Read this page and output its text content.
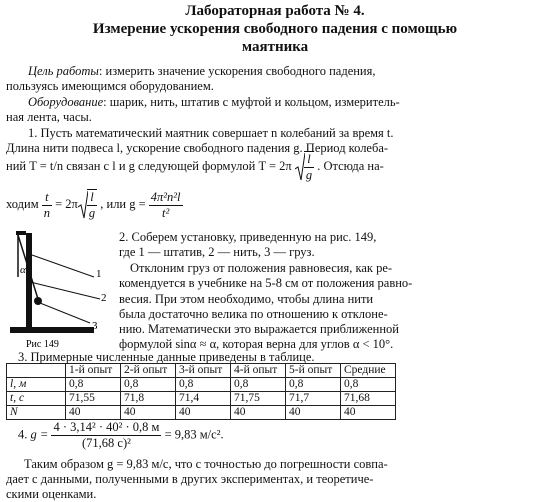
Лабораторная работа № 4.
Измерение ускорения свободного падения с помощью
маятника
Цель работы: измерить значение ускорения свободного падения,
пользуясь имеющимся оборудованием.
Оборудование: шарик, нить, штатив с муфтой и кольцом, измеритель-
ная лента, часы.
1. Пусть математический маятник совершает n колебаний за время t.
Длина нити подвеса l, ускорение свободного падения g. Период колеба-
ний T = t/n связан с l и g следующей формулой $T = 2\pi \frac{l}{g}$ . Отсюда на-
ходим $\frac{t}{n} = 2\pi \frac{l}{g}$ , или $g = \frac{\text{4π²n²l}}{\text{t²}}$
α	1
2
3
Рис 149
2. Соберем установку, приведенную на рис. 149,
где 1 — штатив, 2 — нить, 3 — груз.
Отклоним груз от положения равновесия, как ре-
комендуется в учебнике на 5-8 см от положения равно-
весия. При этом необходимо, чтобы длина нити
была достаточно велика по отношению к отклоне-
нию. Математически это выражается приближенной
формулой sinα ≈ α, которая верна для углов α < 10°.
3. Примерные численные данные приведены в таблице.
	1-й опыт	2-й опыт	3-й опыт	4-й опыт	5-й опыт	Средние
l, м	0,8	0,8	0,8	0,8	0,8	0,8
t, с	71,55	71,8	71,4	71,75	71,7	71,68
N	40	40	40	40	40	40
4. $g = \frac{\text{4 · 3,14² · 40² · 0,8 м}}{\text{(71,68 с)²}} = 9,83$ м/с².
Таким образом g = 9,83 м/с, что с точностью до погрешности совпа-
дает с данными, полученными в других экспериментах, и теоретиче-
скими оценками.
